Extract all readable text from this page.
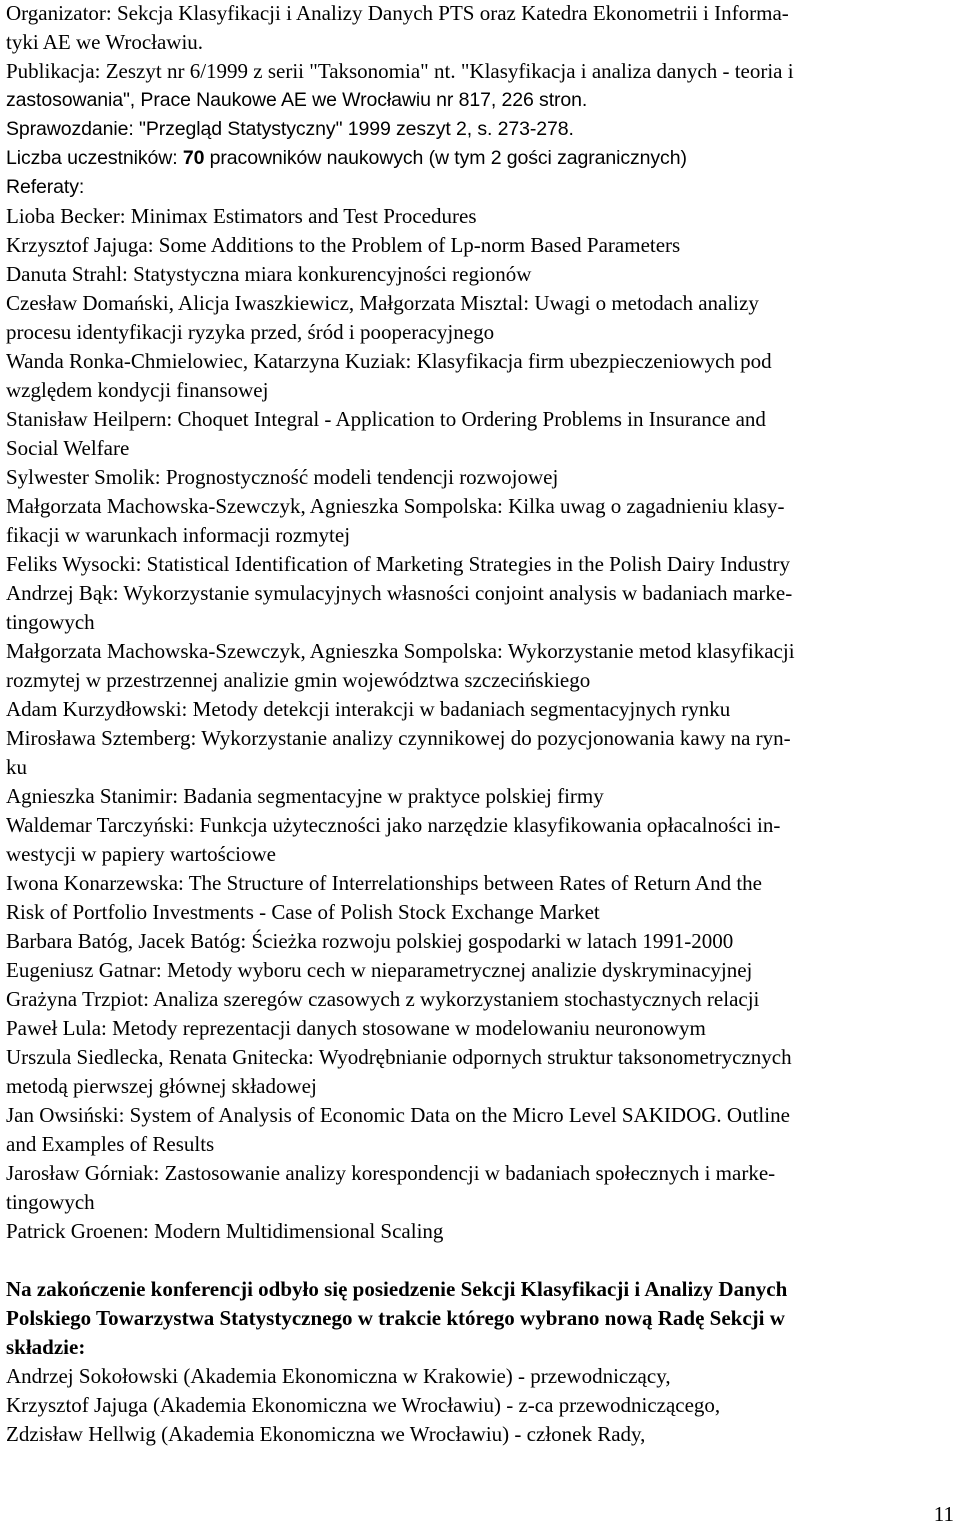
Organizator: Sekcja Klasyfikacji i Analizy Danych PTS oraz Katedra Ekonometrii i Informa-
tyki AE we Wrocławiu.
Publikacja: Zeszyt nr 6/1999 z serii "Taksonomia" nt. "Klasyfikacja i analiza danych - teoria i
zastosowania", Prace Naukowe AE we Wrocławiu nr 817, 226 stron.
Sprawozdanie: "Przegląd Statystyczny" 1999 zeszyt 2, s. 273-278.
Liczba uczestników: 70 pracowników naukowych (w tym 2 gości zagranicznych)
Referaty:
Lioba Becker: Minimax Estimators and Test Procedures
Krzysztof Jajuga: Some Additions to the Problem of Lp-norm Based Parameters
Danuta Strahl: Statystyczna miara konkurencyjności regionów
Czesław Domański, Alicja Iwaszkiewicz, Małgorzata Misztal: Uwagi o metodach analizy
procesu identyfikacji ryzyka przed, śród i pooperacyjnego
Wanda Ronka-Chmielowiec, Katarzyna Kuziak: Klasyfikacja firm ubezpieczeniowych pod
względem kondycji finansowej
Stanisław Heilpern: Choquet Integral - Application to Ordering Problems in Insurance and
Social Welfare
Sylwester Smolik: Prognostyczność modeli tendencji rozwojowej
Małgorzata Machowska-Szewczyk, Agnieszka Sompolska: Kilka uwag o zagadnieniu klasy-
fikacji w warunkach informacji rozmytej
Feliks Wysocki: Statistical Identification of Marketing Strategies in the Polish Dairy Industry
Andrzej Bąk: Wykorzystanie symulacyjnych własności conjoint analysis w badaniach marke-
tingowych
Małgorzata Machowska-Szewczyk, Agnieszka Sompolska: Wykorzystanie metod klasyfikacji
rozmytej w przestrzennej analizie gmin województwa szczecińskiego
Adam Kurzydłowski: Metody detekcji interakcji w badaniach segmentacyjnych rynku
Mirosława Sztemberg: Wykorzystanie analizy czynnikowej do pozycjonowania kawy na ryn-
ku
Agnieszka Stanimir: Badania segmentacyjne w praktyce polskiej firmy
Waldemar Tarczyński: Funkcja użyteczności jako narzędzie klasyfikowania opłacalności in-
westycji w papiery wartościowe
Iwona Konarzewska: The Structure of Interrelationships between Rates of Return And the
Risk of Portfolio Investments - Case of Polish Stock Exchange Market
Barbara Batóg, Jacek Batóg: Ścieżka rozwoju polskiej gospodarki w latach 1991-2000
Eugeniusz Gatnar: Metody wyboru cech w nieparametrycznej analizie dyskryminacyjnej
Grażyna Trzpiot: Analiza szeregów czasowych z wykorzystaniem stochastycznych relacji
Paweł Lula: Metody reprezentacji danych stosowane w modelowaniu neuronowym
Urszula Siedlecka, Renata Gnitecka: Wyodrębnianie odpornych struktur taksonometrycznych
metodą pierwszej głównej składowej
Jan Owsiński: System of Analysis of Economic Data on the Micro Level SAKIDOG. Outline
and Examples of Results
Jarosław Górniak: Zastosowanie analizy korespondencji w badaniach społecznych i marke-
tingowych
Patrick Groenen: Modern Multidimensional Scaling
Na zakończenie konferencji odbyło się posiedzenie Sekcji Klasyfikacji i Analizy Danych
Polskiego Towarzystwa Statystycznego w trakcie którego wybrano nową Radę Sekcji w
składzie:
Andrzej Sokołowski (Akademia Ekonomiczna w Krakowie) - przewodniczący,
Krzysztof Jajuga (Akademia Ekonomiczna we Wrocławiu) - z-ca przewodniczącego,
Zdzisław Hellwig (Akademia Ekonomiczna we Wrocławiu) - członek Rady,
11
